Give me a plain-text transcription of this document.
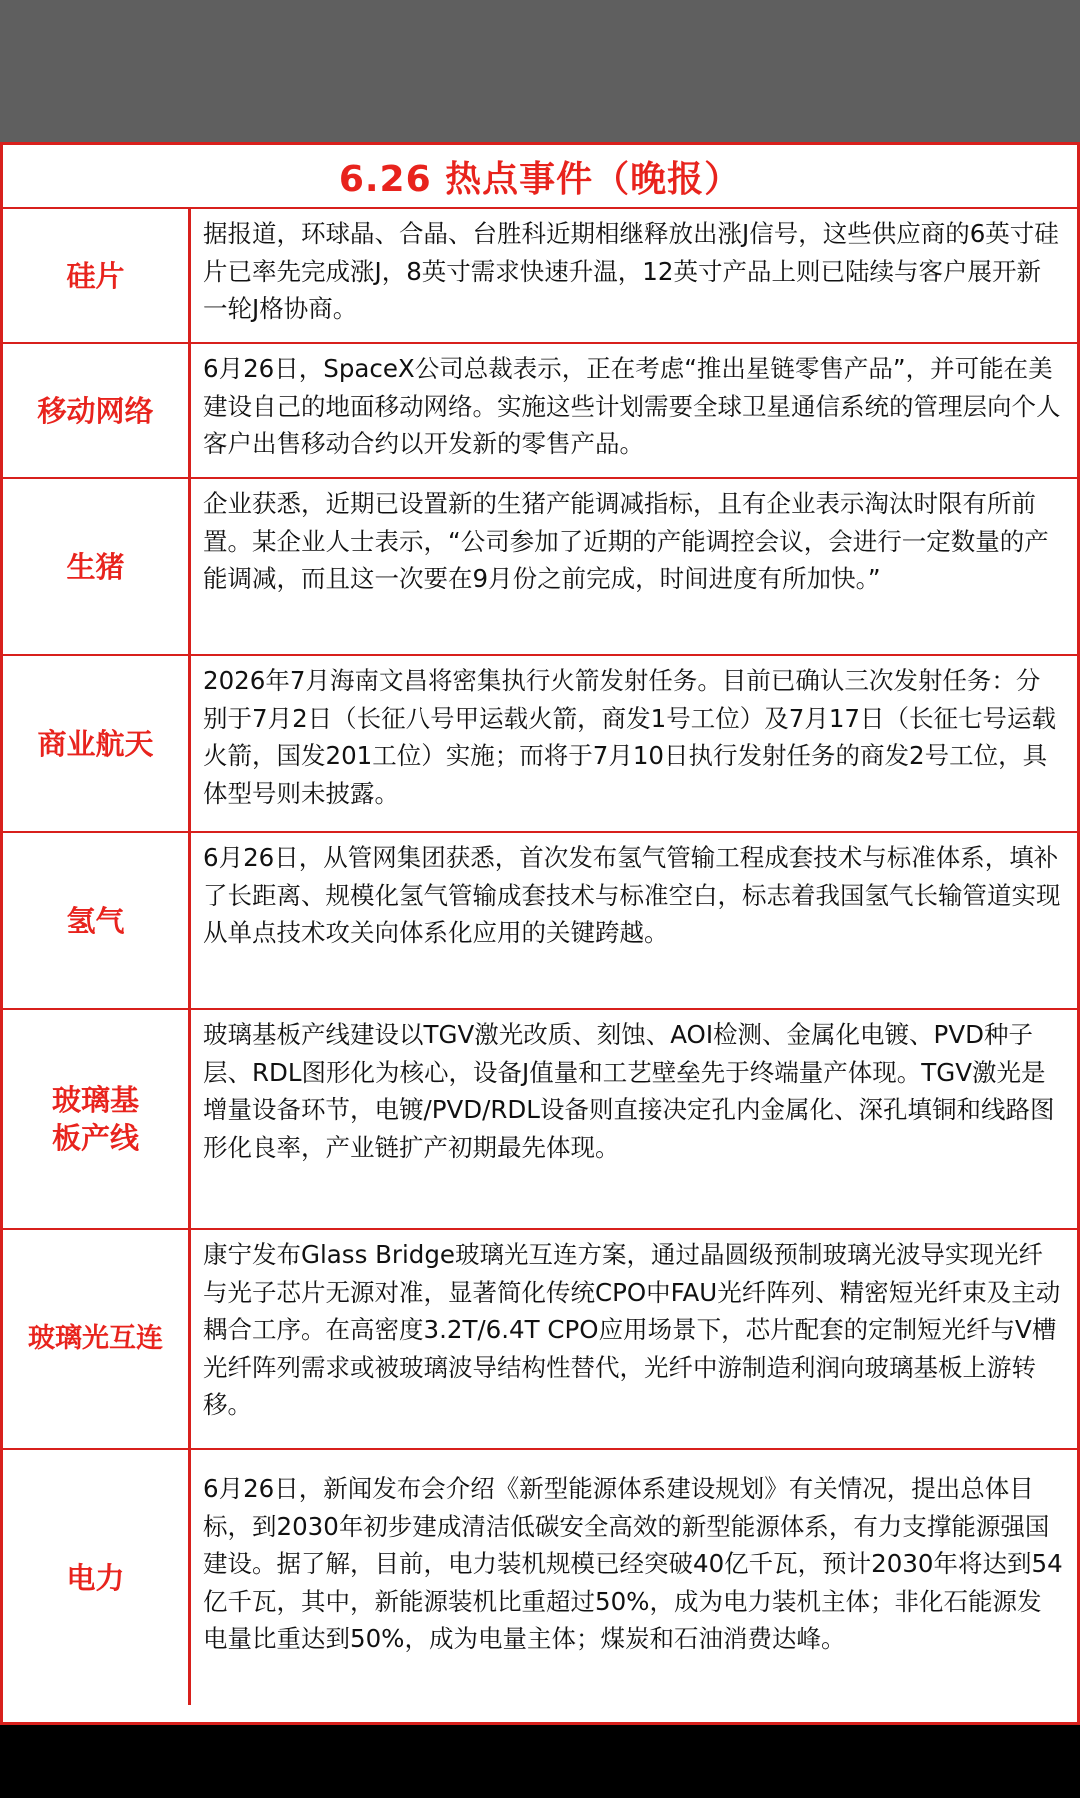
6.26 热点事件（晚报）
硅片
据报道，环球晶、合晶、台胜科近期相继释放出涨J信号，这些供应商的6英寸硅片已率先完成涨J，8英寸需求快速升温，12英寸产品上则已陆续与客户展开新一轮J格协商。
移动网络
6月26日，SpaceX公司总裁表示，正在考虑“推出星链零售产品”，并可能在美建设自己的地面移动网络。实施这些计划需要全球卫星通信系统的管理层向个人客户出售移动合约以开发新的零售产品。
生猪
企业获悉，近期已设置新的生猪产能调减指标，且有企业表示淘汰时限有所前置。某企业人士表示，“公司参加了近期的产能调控会议，会进行一定数量的产能调减，而且这一次要在9月份之前完成，时间进度有所加快。”
商业航天
2026年7月海南文昌将密集执行火箭发射任务。目前已确认三次发射任务：分别于7月2日（长征八号甲运载火箭，商发1号工位）及7月17日（长征七号运载火箭，国发201工位）实施；而将于7月10日执行发射任务的商发2号工位，具体型号则未披露。
氢气
6月26日，从管网集团获悉，首次发布氢气管输工程成套技术与标准体系，填补了长距离、规模化氢气管输成套技术与标准空白，标志着我国氢气长输管道实现从单点技术攻关向体系化应用的关键跨越。
玻璃基板产线
玻璃基板产线建设以TGV激光改质、刻蚀、AOI检测、金属化电镀、PVD种子层、RDL图形化为核心，设备J值量和工艺壁垒先于终端量产体现。TGV激光是增量设备环节，电镀/PVD/RDL设备则直接决定孔内金属化、深孔填铜和线路图形化良率，产业链扩产初期最先体现。
玻璃光互连
康宁发布Glass Bridge玻璃光互连方案，通过晶圆级预制玻璃光波导实现光纤与光子芯片无源对准，显著简化传统CPO中FAU光纤阵列、精密短光纤束及主动耦合工序。在高密度3.2T/6.4T CPO应用场景下，芯片配套的定制短光纤与V槽光纤阵列需求或被玻璃波导结构性替代，光纤中游制造利润向玻璃基板上游转移。
电力
6月26日，新闻发布会介绍《新型能源体系建设规划》有关情况，提出总体目标，到2030年初步建成清洁低碳安全高效的新型能源体系，有力支撑能源强国建设。据了解，目前，电力装机规模已经突破40亿千瓦，预计2030年将达到54亿千瓦，其中，新能源装机比重超过50%，成为电力装机主体；非化石能源发电量比重达到50%，成为电量主体；煤炭和石油消费达峰。
